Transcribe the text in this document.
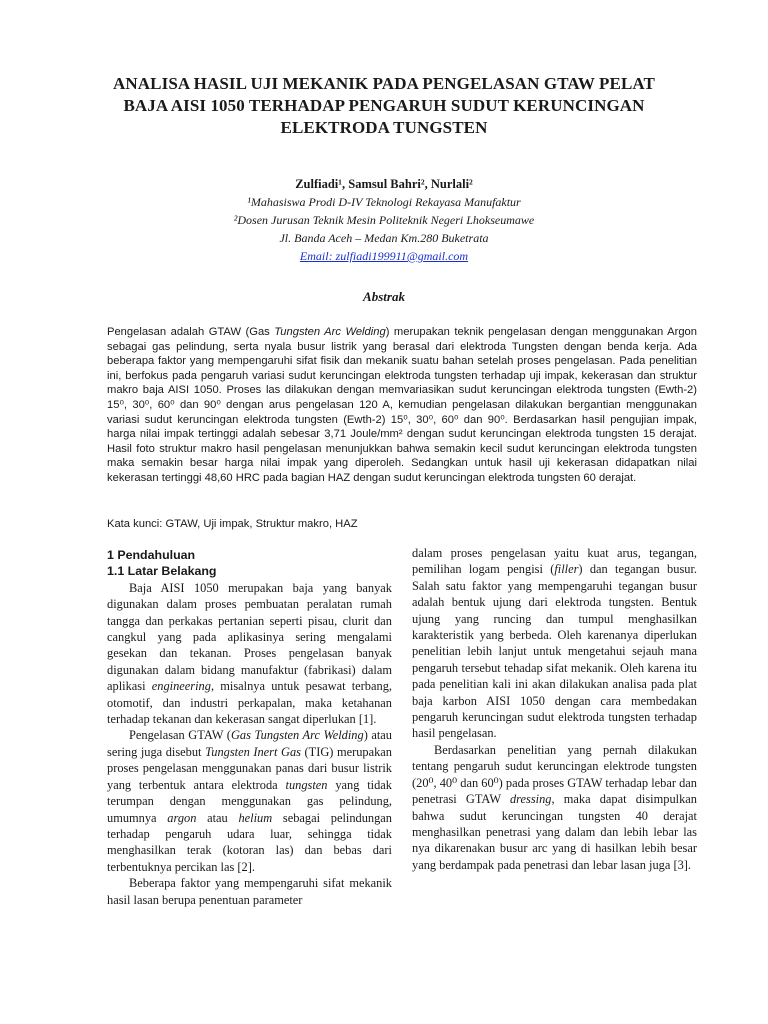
ANALISA HASIL UJI MEKANIK PADA PENGELASAN GTAW PELAT
BAJA AISI 1050 TERHADAP PENGARUH SUDUT KERUNCINGAN
ELEKTRODA TUNGSTEN
Zulfiadi¹, Samsul Bahri², Nurlali²
¹Mahasiswa Prodi D-IV Teknologi Rekayasa Manufaktur
²Dosen Jurusan Teknik Mesin Politeknik Negeri Lhokseumawe
Jl. Banda Aceh – Medan Km.280 Buketrata
Email: zulfiadi199911@gmail.com
Abstrak
Pengelasan adalah GTAW (Gas Tungsten Arc Welding) merupakan teknik pengelasan dengan menggunakan Argon sebagai gas pelindung, serta nyala busur listrik yang berasal dari elektroda Tungsten dengan benda kerja. Ada beberapa faktor yang mempengaruhi sifat fisik dan mekanik suatu bahan setelah proses pengelasan. Pada penelitian ini, berfokus pada pengaruh variasi sudut keruncingan elektroda tungsten terhadap uji impak, kekerasan dan struktur makro baja AISI 1050. Proses las dilakukan dengan memvariasikan sudut keruncingan elektroda tungsten (Ewth-2) 15⁰, 30⁰, 60⁰ dan 90⁰ dengan arus pengelasan 120 A, kemudian pengelasan dilakukan bergantian menggunakan variasi sudut keruncingan elektroda tungsten (Ewth-2) 15⁰, 30⁰, 60⁰ dan 90⁰. Berdasarkan hasil pengujian impak, harga nilai impak tertinggi adalah sebesar 3,71 Joule/mm² dengan sudut keruncingan elektroda tungsten 15 derajat. Hasil foto struktur makro hasil pengelasan menunjukkan bahwa semakin kecil sudut keruncingan elektroda tungsten maka semakin besar harga nilai impak yang diperoleh. Sedangkan untuk hasil uji kekerasan didapatkan nilai kekerasan tertinggi 48,60 HRC pada bagian HAZ dengan sudut keruncingan elektroda tungsten 60 derajat.
Kata kunci: GTAW, Uji impak, Struktur makro, HAZ
1 Pendahuluan
1.1 Latar Belakang

Baja AISI 1050 merupakan baja yang banyak digunakan dalam proses pembuatan peralatan rumah tangga dan perkakas pertanian seperti pisau, clurit dan cangkul yang pada aplikasinya sering mengalami gesekan dan tekanan. Proses pengelasan banyak digunakan dalam bidang manufaktur (fabrikasi) dalam aplikasi engineering, misalnya untuk pesawat terbang, otomotif, dan industri perkapalan, maka ketahanan terhadap tekanan dan kekerasan sangat diperlukan [1].

Pengelasan GTAW (Gas Tungsten Arc Welding) atau sering juga disebut Tungsten Inert Gas (TIG) merupakan proses pengelasan menggunakan panas dari busur listrik yang terbentuk antara elektroda tungsten yang tidak terumpan dengan menggunakan gas pelindung, umumnya argon atau helium sebagai pelindungan terhadap pengaruh udara luar, sehingga tidak menghasilkan terak (kotoran las) dan bebas dari terbentuknya percikan las [2].

Beberapa faktor yang mempengaruhi sifat mekanik hasil lasan berupa penentuan parameter

dalam proses pengelasan yaitu kuat arus, tegangan, pemilihan logam pengisi (filler) dan tegangan busur. Salah satu faktor yang mempengaruhi tegangan busur adalah bentuk ujung dari elektroda tungsten. Bentuk ujung yang runcing dan tumpul menghasilkan karakteristik yang berbeda. Oleh karenanya diperlukan penelitian lebih lanjut untuk mengetahui sejauh mana pengaruh tersebut tehadap sifat mekanik. Oleh karena itu pada penelitian kali ini akan dilakukan analisa pada plat baja karbon AISI 1050 dengan cara membedakan pengaruh keruncingan sudut elektroda tungsten terhadap hasil pengelasan.

Berdasarkan penelitian yang pernah dilakukan tentang pengaruh sudut keruncingan elektrode tungsten (20⁰, 40⁰ dan 60⁰) pada proses GTAW terhadap lebar dan penetrasi GTAW dressing, maka dapat disimpulkan bahwa sudut keruncingan tungsten 40 derajat menghasilkan penetrasi yang dalam dan lebih lebar las nya dikarenakan busur arc yang di hasilkan lebih besar yang berdampak pada penetrasi dan lebar lasan juga [3].
